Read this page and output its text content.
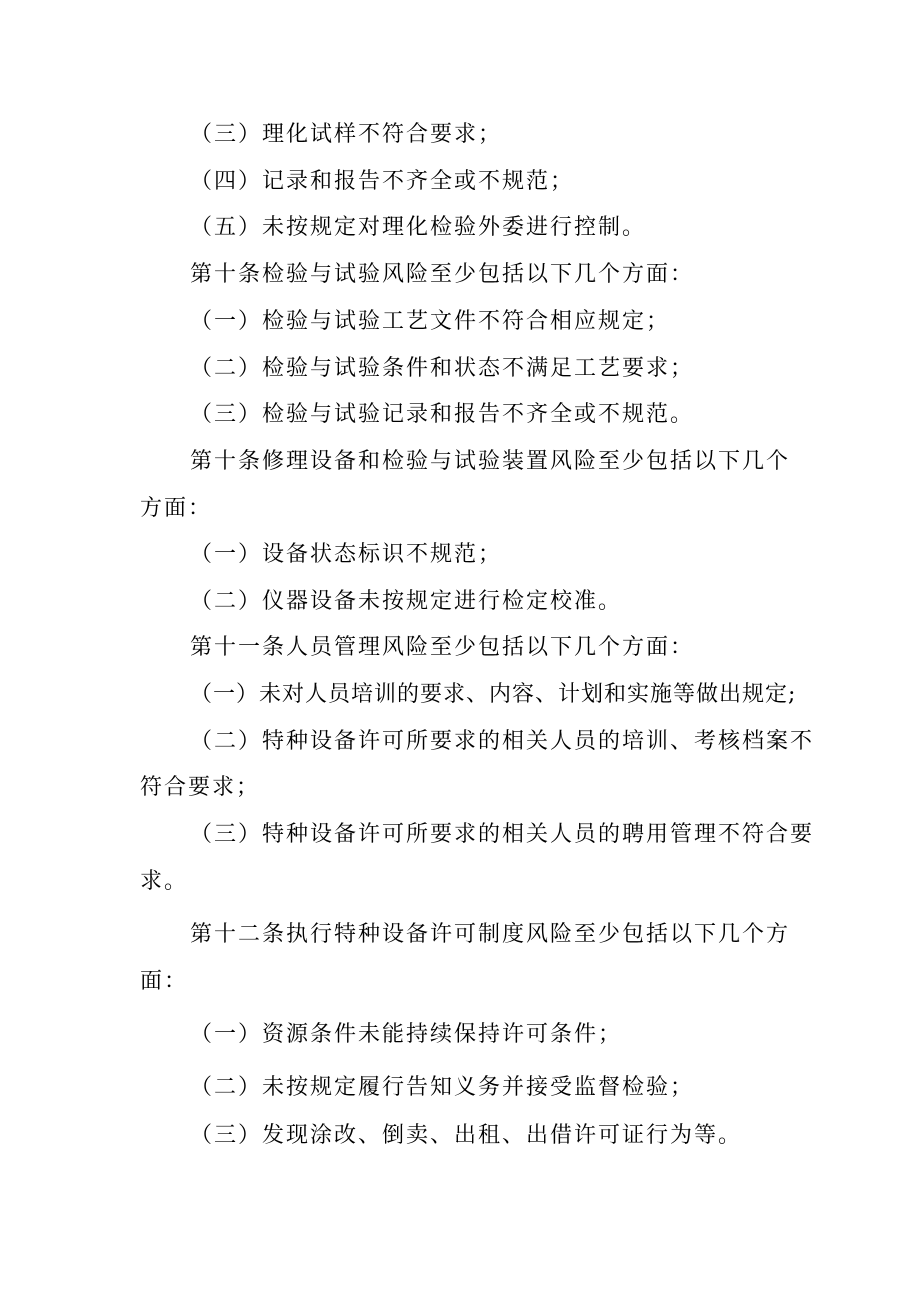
（三）理化试样不符合要求；
（四）记录和报告不齐全或不规范；
（五）未按规定对理化检验外委进行控制。
第十条检验与试验风险至少包括以下几个方面：
（一）检验与试验工艺文件不符合相应规定；
（二）检验与试验条件和状态不满足工艺要求；
（三）检验与试验记录和报告不齐全或不规范。
第十条修理设备和检验与试验装置风险至少包括以下几个
方面：
（一）设备状态标识不规范；
（二）仪器设备未按规定进行检定校准。
第十一条人员管理风险至少包括以下几个方面：
（一）未对人员培训的要求、内容、计划和实施等做出规定;
（二）特种设备许可所要求的相关人员的培训、考核档案不
符合要求；
（三）特种设备许可所要求的相关人员的聘用管理不符合要
求。
第十二条执行特种设备许可制度风险至少包括以下几个方
面：
（一）资源条件未能持续保持许可条件；
（二）未按规定履行告知义务并接受监督检验；
（三）发现涂改、倒卖、出租、出借许可证行为等。
